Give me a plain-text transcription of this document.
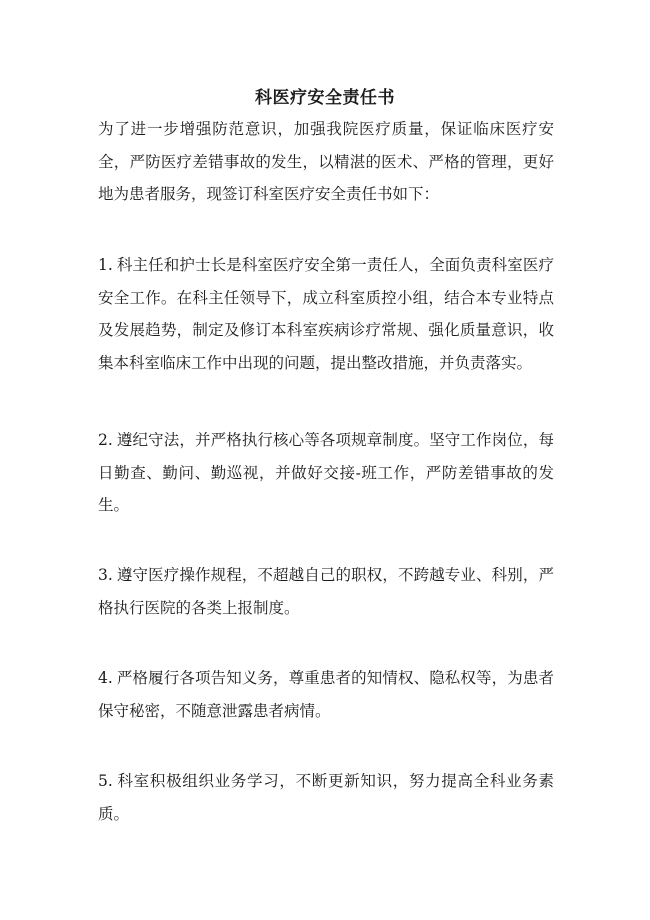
科医疗安全责任书

为了进一步增强防范意识，加强我院医疗质量，保证临床医疗安全，严防医疗差错事故的发生，以精湛的医术、严格的管理，更好地为患者服务，现签订科室医疗安全责任书如下：

1. 科主任和护士长是科室医疗安全第一责任人，全面负责科室医疗安全工作。在科主任领导下，成立科室质控小组，结合本专业特点及发展趋势，制定及修订本科室疾病诊疗常规、强化质量意识，收集本科室临床工作中出现的问题，提出整改措施，并负责落实。

2. 遵纪守法，并严格执行核心等各项规章制度。坚守工作岗位，每日勤查、勤问、勤巡视，并做好交接-班工作，严防差错事故的发生。

3. 遵守医疗操作规程，不超越自己的职权，不跨越专业、科别，严格执行医院的各类上报制度。

4. 严格履行各项告知义务，尊重患者的知情权、隐私权等，为患者保守秘密，不随意泄露患者病情。

5. 科室积极组织业务学习，不断更新知识，努力提高全科业务素质。
